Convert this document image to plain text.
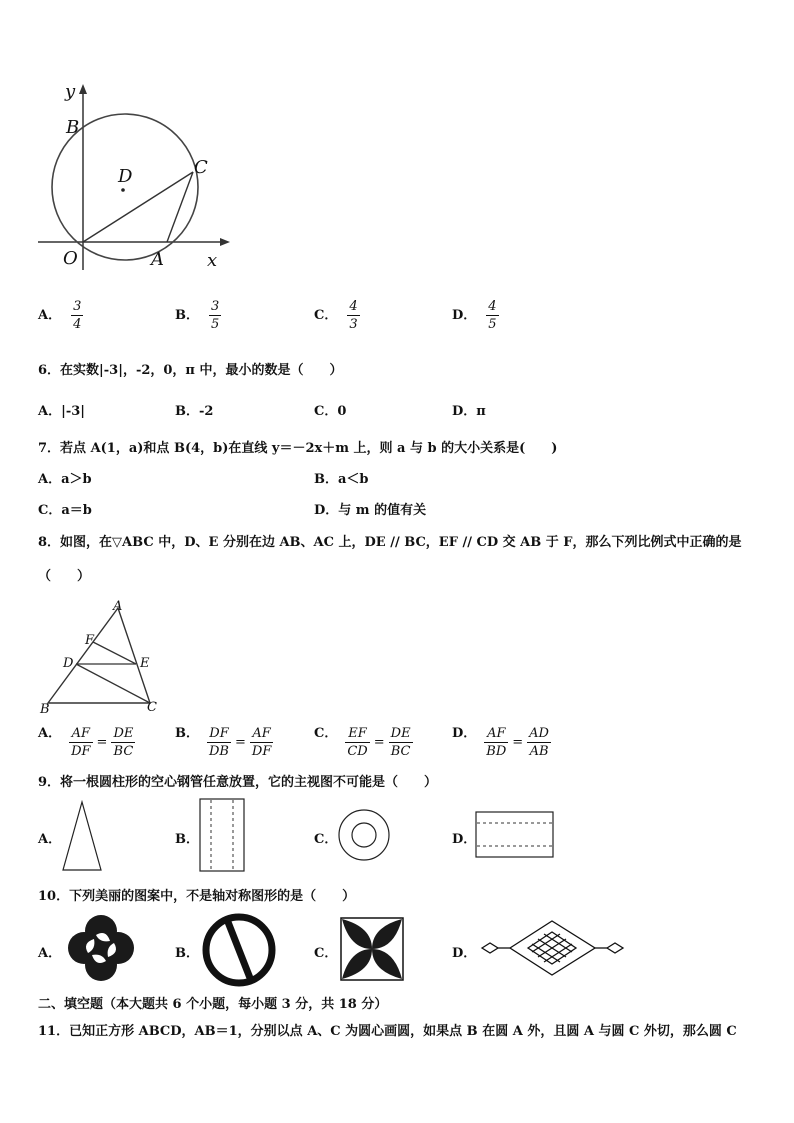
y
B
D	C
O	A x
A． $\frac{3}{4}$	B． $\frac{3}{5}$	C． $\frac{4}{3}$	D． $\frac{4}{5}$
6．在实数|-3|，-2，0，π 中，最小的数是（　　）
A．|-3|	B．-2	C．0	D．π
7．若点 A(1，a)和点 B(4，b)在直线 y＝－2x＋m 上，则 a 与 b 的大小关系是(　　)
A．a＞b	B．a＜b
C．a＝b	D．与 m 的值有关
8．如图，在▽ABC 中，D、E 分别在边 AB、AC 上，DE // BC，EF // CD 交 AB 于 F，那么下列比例式中正确的是
（　　）
A
F
D	E
B	C
A． $\frac{AF}{DF} = \frac{DE}{BC}$	B． $\frac{DF}{DB} = \frac{AF}{DF}$	C． $\frac{EF}{CD} = \frac{DE}{BC}$	D． $\frac{AF}{BD} = \frac{AD}{AB}$
9．将一根圆柱形的空心钢管任意放置，它的主视图不可能是（　　）
A．	B．	C．	D．
10．下列美丽的图案中，不是轴对称图形的是（　　）
A．	B．	C．	D．
二、填空题（本大题共 6 个小题，每小题 3 分，共 18 分）
11．已知正方形 ABCD，AB＝1，分别以点 A、C 为圆心画圆，如果点 B 在圆 A 外，且圆 A 与圆 C 外切，那么圆 C
